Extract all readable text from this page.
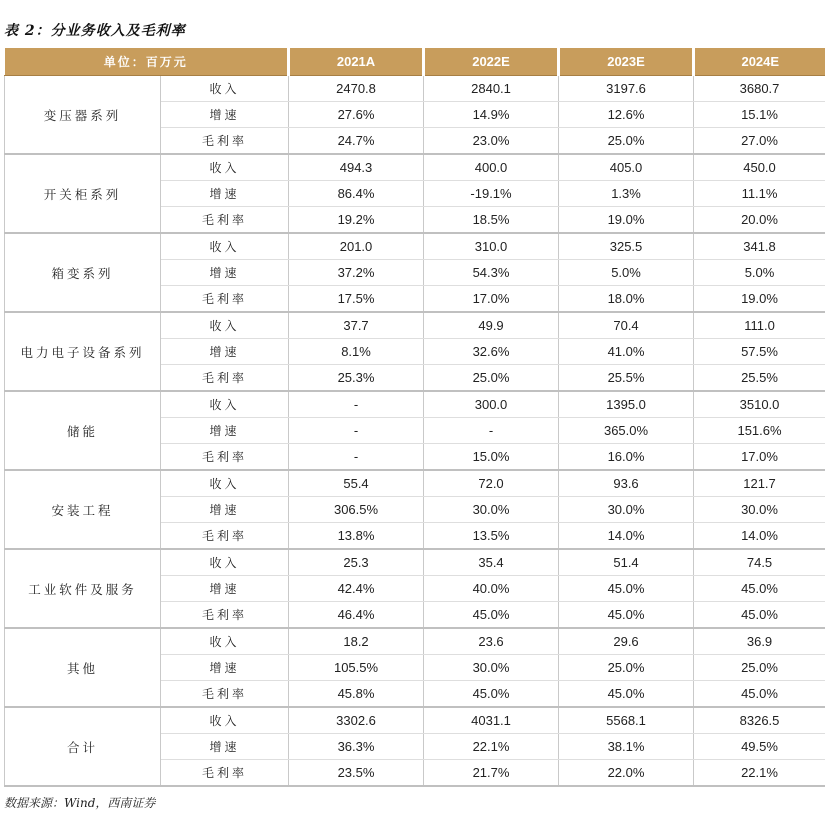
表 2：分业务收入及毛利率
单位：百万元		2021A	2022E	2023E	2024E
变压器系列	收入	2470.8	2840.1	3197.6	3680.7
	增速	27.6%	14.9%	12.6%	15.1%
	毛利率	24.7%	23.0%	25.0%	27.0%
开关柜系列	收入	494.3	400.0	405.0	450.0
	增速	86.4%	-19.1%	1.3%	11.1%
	毛利率	19.2%	18.5%	19.0%	20.0%
箱变系列	收入	201.0	310.0	325.5	341.8
	增速	37.2%	54.3%	5.0%	5.0%
	毛利率	17.5%	17.0%	18.0%	19.0%
电力电子设备系列	收入	37.7	49.9	70.4	111.0
	增速	8.1%	32.6%	41.0%	57.5%
	毛利率	25.3%	25.0%	25.5%	25.5%
储能	收入	-	300.0	1395.0	3510.0
	增速	-	-	365.0%	151.6%
	毛利率	-	15.0%	16.0%	17.0%
安装工程	收入	55.4	72.0	93.6	121.7
	增速	306.5%	30.0%	30.0%	30.0%
	毛利率	13.8%	13.5%	14.0%	14.0%
工业软件及服务	收入	25.3	35.4	51.4	74.5
	增速	42.4%	40.0%	45.0%	45.0%
	毛利率	46.4%	45.0%	45.0%	45.0%
其他	收入	18.2	23.6	29.6	36.9
	增速	105.5%	30.0%	25.0%	25.0%
	毛利率	45.8%	45.0%	45.0%	45.0%
合计	收入	3302.6	4031.1	5568.1	8326.5
	增速	36.3%	22.1%	38.1%	49.5%
	毛利率	23.5%	21.7%	22.0%	22.1%
数据来源：Wind，西南证券
